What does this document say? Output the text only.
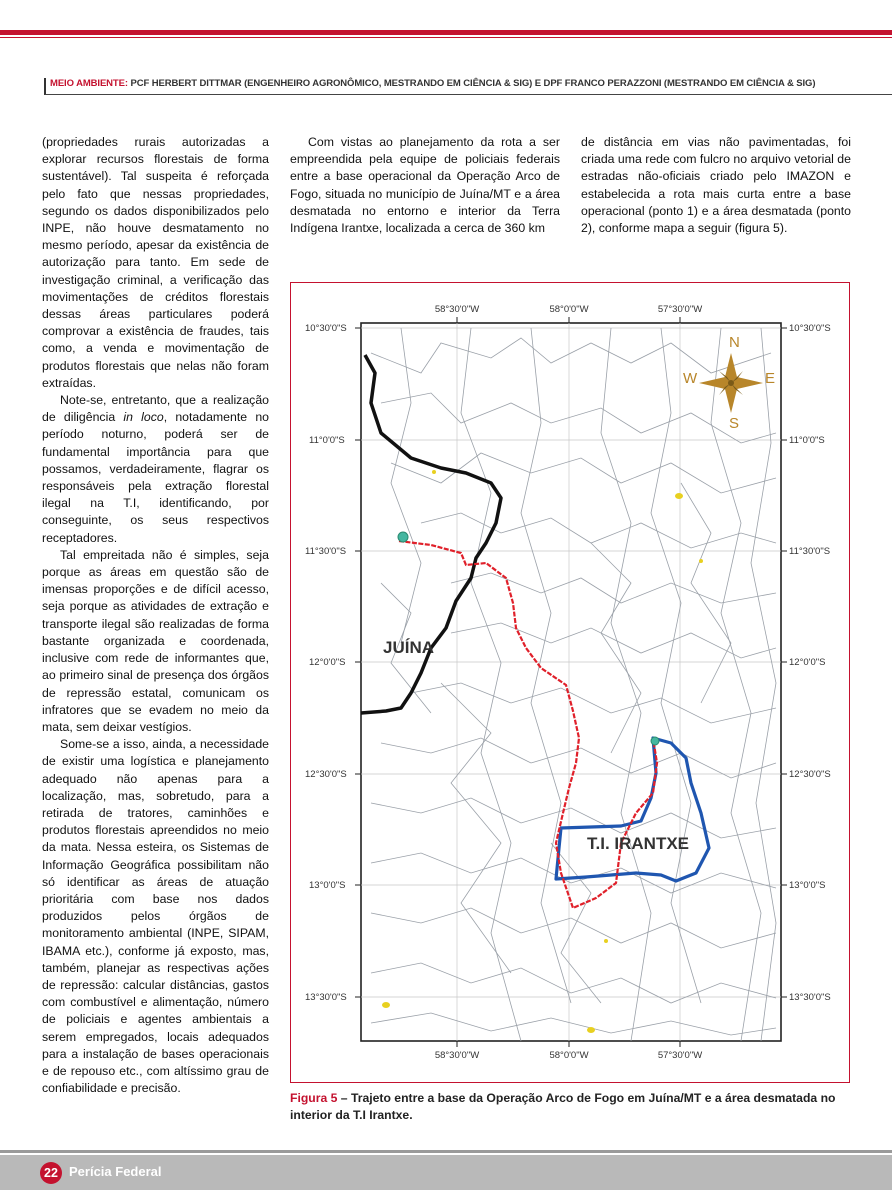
MEIO AMBIENTE: PCF HERBERT DITTMAR (ENGENHEIRO AGRONÔMICO, MESTRANDO EM CIÊNCIA & SIG) E DPF FRANCO PERAZZONI (MESTRANDO EM CIÊNCIA & SIG)

(propriedades rurais autorizadas a explorar recursos florestais de forma sustentável). Tal suspeita é reforçada pelo fato que nessas propriedades, segundo os dados disponibilizados pelo INPE, não houve desmatamento no mesmo período, apesar da existência de autorização para tanto. Em sede de investigação criminal, a verificação das movimentações de créditos florestais dessas áreas particulares poderá comprovar a existência de fraudes, tais como, a venda e movimentação de produtos florestais que nelas não foram extraídas.

Note-se, entretanto, que a realização de diligência in loco, notadamente no período noturno, poderá ser de fundamental importância para que possamos, verdadeiramente, flagrar os responsáveis pela extração florestal ilegal na T.I, identificando, por conseguinte, os seus respectivos receptadores.

Tal empreitada não é simples, seja porque as áreas em questão são de imensas proporções e de difícil acesso, seja porque as atividades de extração e transporte ilegal são realizadas de forma bastante organizada e coordenada, inclusive com rede de informantes que, ao primeiro sinal de presença dos órgãos de repressão estatal, comunicam os infratores que se evadem no meio da mata, sem deixar vestígios.

Some-se a isso, ainda, a necessidade de existir uma logística e planejamento adequado não apenas para a localização, mas, sobretudo, para a retirada de tratores, caminhões e produtos florestais apreendidos no meio da mata. Nessa esteira, os Sistemas de Informação Geográfica possibilitam não só identificar as áreas de atuação prioritária com base nos dados produzidos pelos órgãos de monitoramento ambiental (INPE, SIPAM, IBAMA etc.), conforme já exposto, mas, também, planejar as respectivas ações de repressão: calcular distâncias, gastos com combustível e alimentação, número de policiais e agentes ambientais a serem empregados, locais adequados para a instalação de bases operacionais e de repouso etc., com altíssimo grau de confiabilidade e precisão.

Com vistas ao planejamento da rota a ser empreendida pela equipe de policiais federais entre a base operacional da Operação Arco de Fogo, situada no município de Juína/MT e a área desmatada no entorno e interior da Terra Indígena Irantxe, localizada a cerca de 360 km

de distância em vias não pavimentadas, foi criada uma rede com fulcro no arquivo vetorial de estradas não-oficiais criado pelo IMAZON e estabelecida a rota mais curta entre a base operacional (ponto 1) e a área desmatada (ponto 2), conforme mapa a seguir (figura 5).

N
S
E
W
JUÍNA
T.I. IRANTXE
58°30'0"W	58°0'0"W	57°30'0"W
58°30'0"W	58°0'0"W	57°30'0"W
10°30'0"S
11°0'0"S
11°30'0"S
12°0'0"S
12°30'0"S
13°0'0"S
13°30'0"S
10°30'0"S
11°0'0"S
11°30'0"S
12°0'0"S
12°30'0"S
13°0'0"S
13°30'0"S
Figura 5 – Trajeto entre a base da Operação Arco de Fogo em Juína/MT e a área desmatada no interior da T.I Irantxe.
22 Perícia Federal
